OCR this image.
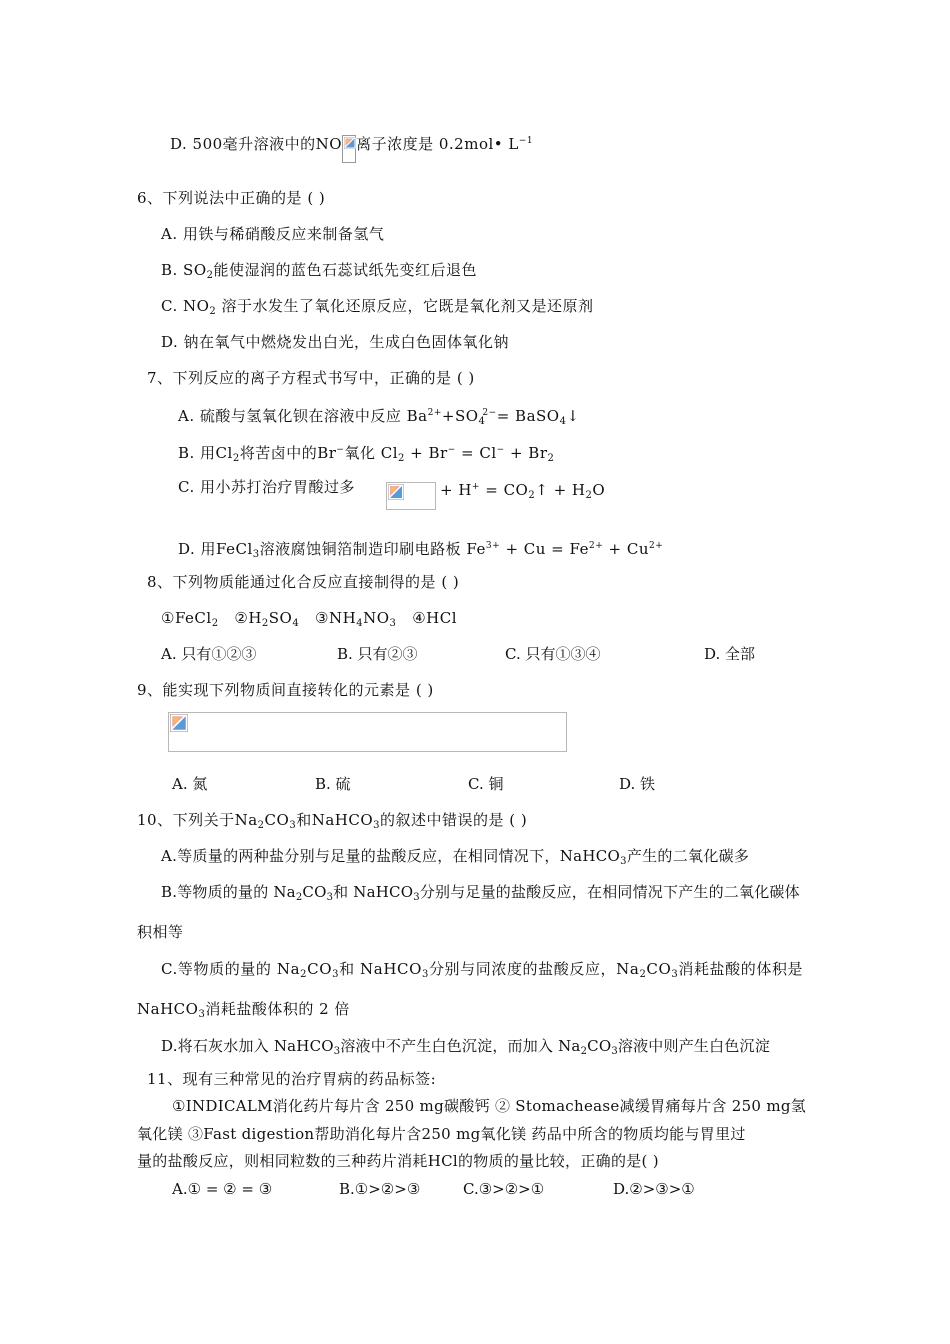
D. 500毫升溶液中的NO 离子浓度是 0.2mol• $L^{-1}$
6、下列说法中正确的是 ( )
A. 用铁与稀硝酸反应来制备氢气
B. $SO_2$能使湿润的蓝色石蕊试纸先变红后退色
C. $NO_2$ 溶于水发生了氧化还原反应，它既是氧化剂又是还原剂
D. 钠在氧气中燃烧发出白光，生成白色固体氧化钠
7、下列反应的离子方程式书写中，正确的是 ( )
A. 硫酸与氢氧化钡在溶液中反应 $Ba^{2+}+SO_4^{2-}=$ BaSO$_4$↓
B. 用$Cl_2$将苦卤中的Br−氧化 $Cl_2 + Br^- = Cl^- + Br_2$
C. 用小苏打治疗胃酸过多	+ $H^+ = CO_2↑ + H_2O$
D. 用FeCl$_3$溶液腐蚀铜箔制造印刷电路板 $Fe^{3+} + Cu = Fe^{2+} + Cu^{2+}$
8、下列物质能通过化合反应直接制得的是 ( )
①FeCl$_2$ $②H_2SO_4$ $③NH_4NO_3$ ④HCl
A. 只有①②③	B. 只有②③	C. 只有①③④	D. 全部
9、能实现下列物质间直接转化的元素是 ( )
A. 氮	B. 硫	C. 铜	D. 铁
10、下列关于$Na_2CO_3$和NaHCO$_3$的叙述中错误的是 ( )
A.等质量的两种盐分别与足量的盐酸反应，在相同情况下，NaHCO$_3$产生的二氧化碳多
B.等物质的量的 $Na_2CO_3$和 NaHCO$_3$分别与足量的盐酸反应，在相同情况下产生的二氧化碳体
积相等
C.等物质的量的 $Na_2CO_3$和 NaHCO$_3$分别与同浓度的盐酸反应，$Na_2CO_3$消耗盐酸的体积是
NaHCO$_3$消耗盐酸体积的 2 倍
D.将石灰水加入 NaHCO$_3$溶液中不产生白色沉淀，而加入 $Na_2CO_3$溶液中则产生白色沉淀
11、现有三种常见的治疗胃病的药品标签:
①INDICALM消化药片每片含 250 mg碳酸钙 ② Stomachease减缓胃痛每片含 250 mg氢
氧化镁 ③Fast digestion帮助消化每片含250 mg氧化镁 药品中所含的物质均能与胃里过
量的盐酸反应，则相同粒数的三种药片消耗HCl的物质的量比较，正确的是( )
A.① = ② = ③	B.①>②>③	C.③>②>①	D.②>③>①
